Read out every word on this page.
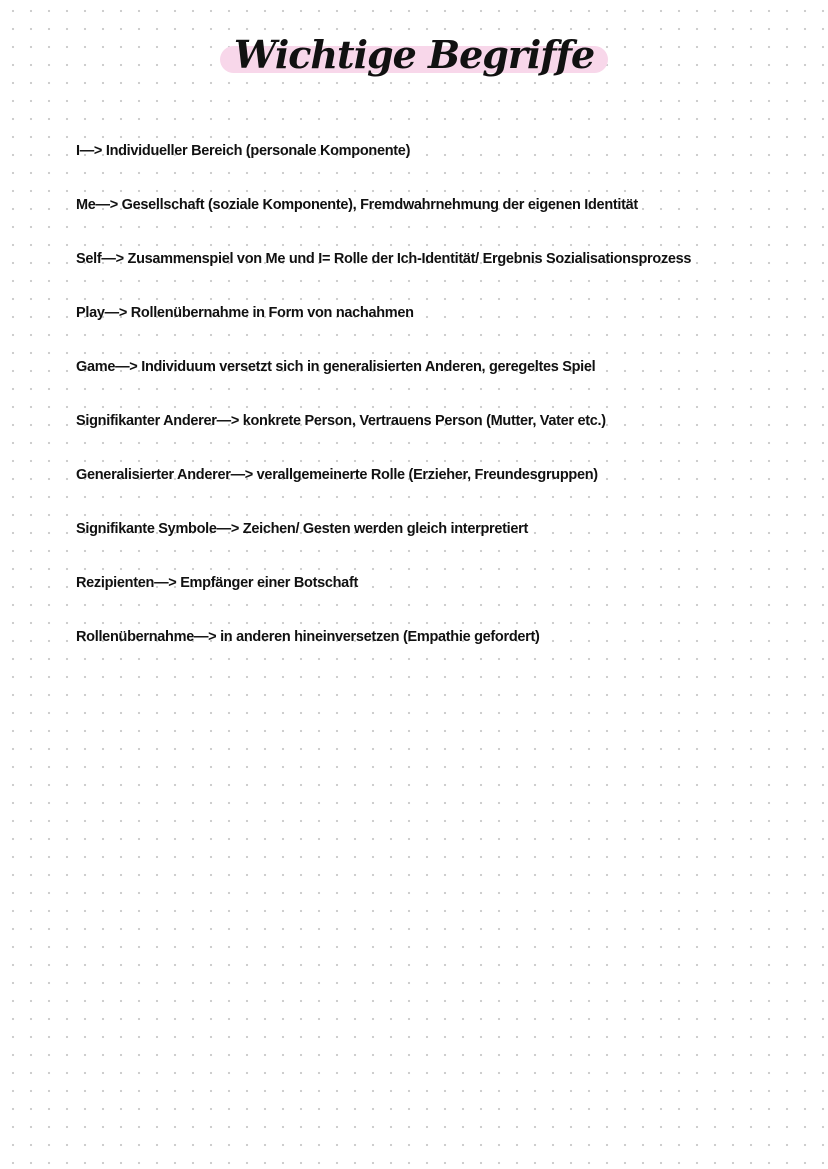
Wichtige Begriffe
I—> Individueller Bereich (personale Komponente)
Me—> Gesellschaft (soziale Komponente), Fremdwahrnehmung der eigenen Identität
Self—> Zusammenspiel von Me und I= Rolle der Ich-Identität/ Ergebnis Sozialisationsprozess
Play—> Rollenübernahme in Form von nachahmen
Game—> Individuum versetzt sich in generalisierten Anderen, geregeltes Spiel
Signifikanter Anderer—> konkrete Person, Vertrauens Person (Mutter, Vater etc.)
Generalisierter Anderer—> verallgemeinerte Rolle (Erzieher, Freundesgruppen)
Signifikante Symbole—> Zeichen/ Gesten werden gleich interpretiert
Rezipienten—> Empfänger einer Botschaft
Rollenübernahme—> in anderen hineinversetzen (Empathie gefordert)
